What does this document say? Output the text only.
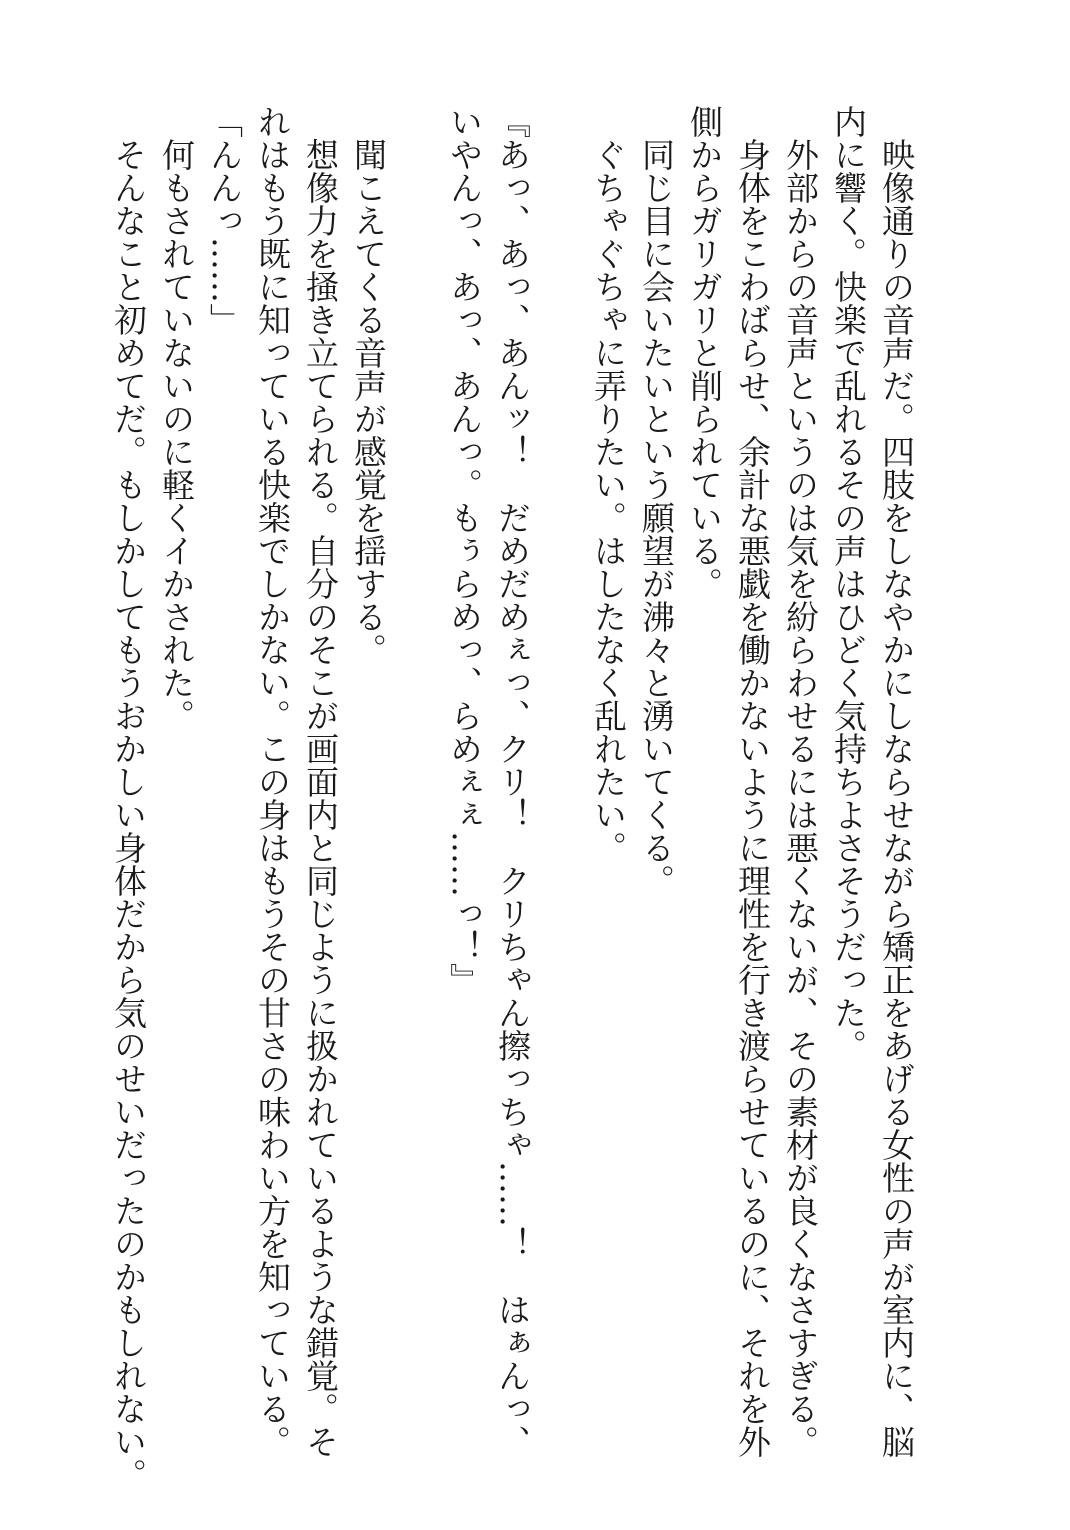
　映像通りの音声だ。四肢をしなやかにしならせながら矯正をあげる女性の声が室内に、脳
内に響く。快楽で乱れるその声はひどく気持ちよさそうだった。
　外部からの音声というのは気を紛らわせるには悪くないが、その素材が良くなさすぎる。
　身体をこわばらせ、余計な悪戯を働かないように理性を行き渡らせているのに、それを外
側からガリガリと削られている。
　同じ目に会いたいという願望が沸々と湧いてくる。
　ぐちゃぐちゃに弄りたい。はしたなく乱れたい。
『あっ、あっ、あんッ！　だめだめぇっ、クリ！　クリちゃん擦っちゃ……！　はぁんっ、
いやんっ、あっ、あんっ。もぅらめっ、らめぇぇ……っ！』
　聞こえてくる音声が感覚を揺する。
　想像力を掻き立てられる。自分のそこが画面内と同じように扱かれているような錯覚。そ
れはもう既に知っている快楽でしかない。この身はもうその甘さの味わい方を知っている。
「んんっ……」
　何もされていないのに軽くイかされた。
　そんなこと初めてだ。もしかしてもうおかしい身体だから気のせいだったのかもしれない。
